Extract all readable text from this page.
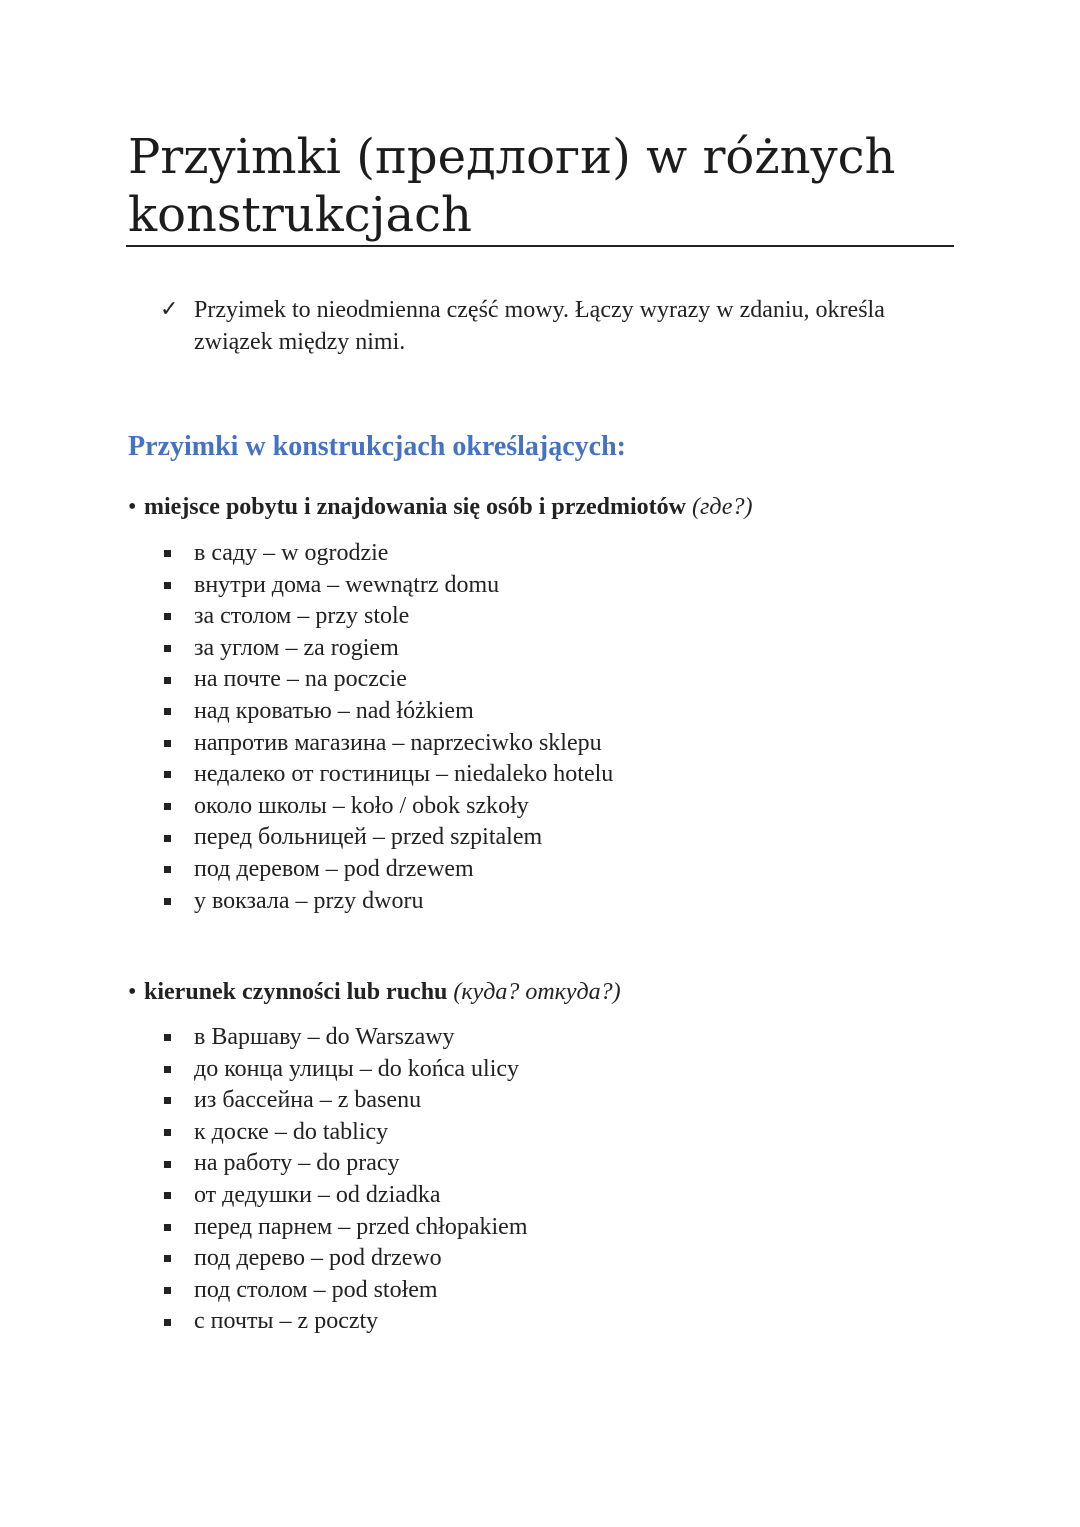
Przyimki (предлоги) w różnych konstrukcjach
✓ Przyimek to nieodmienna część mowy. Łączy wyrazy w zdaniu, określa związek między nimi.
Przyimki w konstrukcjach określających:
• miejsce pobytu i znajdowania się osób i przedmiotów (где?)
в саду – w ogrodzie
внутри дома – wewnątrz domu
за столом – przy stole
за углом – za rogiem
на почте – na poczcie
над кроватью – nad łóżkiem
напротив магазина – naprzeciwko sklepu
недалеко от гостиницы – niedaleko hotelu
около школы – koło / obok szkoły
перед больницей – przed szpitalem
под деревом – pod drzewem
у вокзала – przy dworu
• kierunek czynności lub ruchu (куда? откуда?)
в Варшаву – do Warszawy
до конца улицы – do końca ulicy
из бассейна – z basenu
к доске – do tablicy
на работу – do pracy
от дедушки – od dziadka
перед парнем – przed chłopakiem
под дерево – pod drzewo
под столом – pod stołem
с почты – z poczty
